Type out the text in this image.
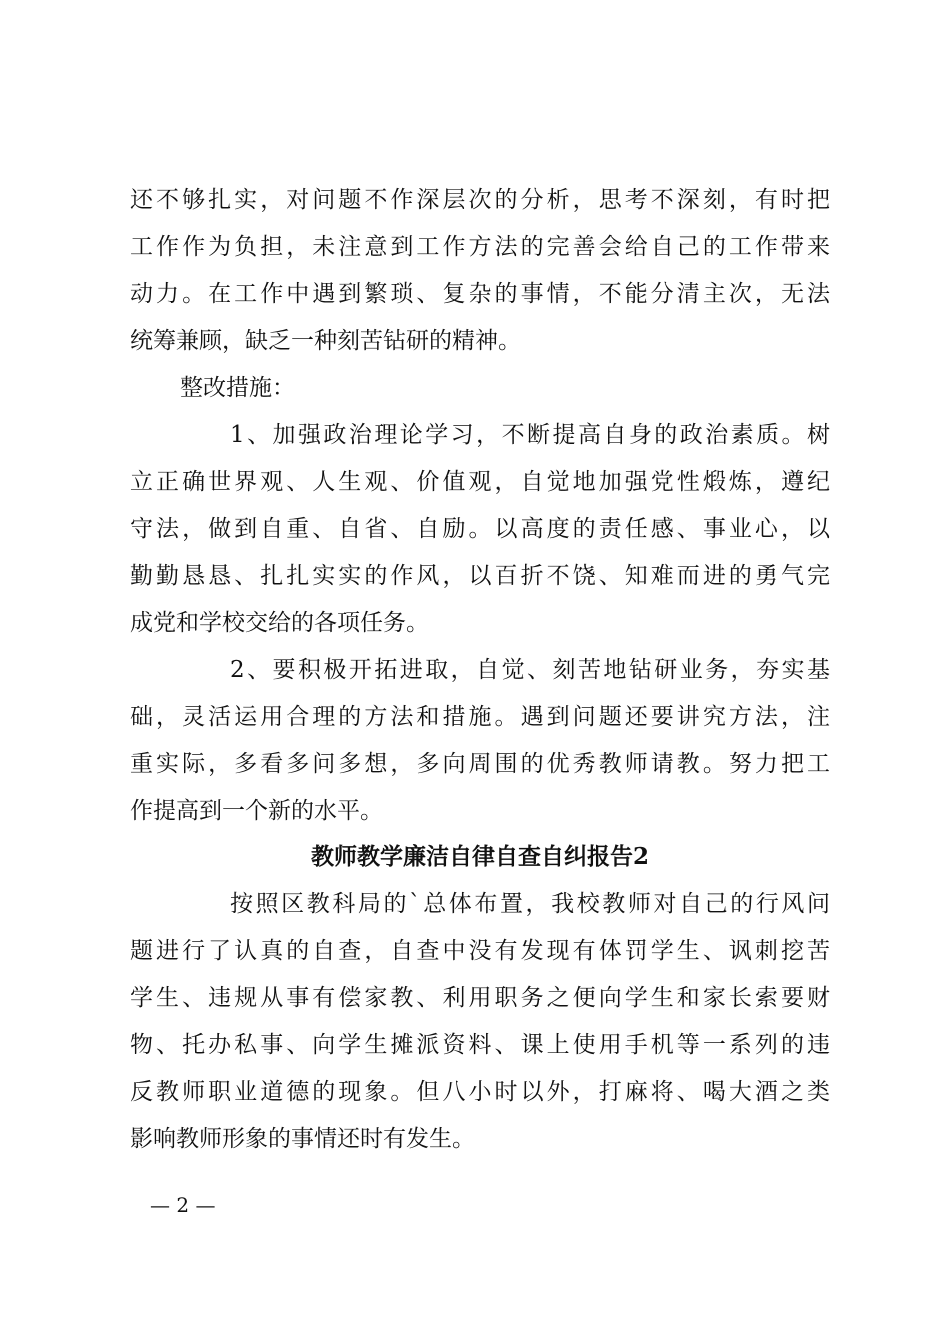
还不够扎实，对问题不作深层次的分析，思考不深刻，有时把
工作作为负担，未注意到工作方法的完善会给自己的工作带来
动力。在工作中遇到繁琐、复杂的事情，不能分清主次，无法
统筹兼顾，缺乏一种刻苦钻研的精神。
整改措施：
1、加强政治理论学习，不断提高自身的政治素质。树
立正确世界观、人生观、价值观，自觉地加强党性煅炼，遵纪
守法，做到自重、自省、自励。以高度的责任感、事业心，以
勤勤恳恳、扎扎实实的作风，以百折不饶、知难而进的勇气完
成党和学校交给的各项任务。
2、要积极开拓进取，自觉、刻苦地钻研业务，夯实基
础，灵活运用合理的方法和措施。遇到问题还要讲究方法，注
重实际，多看多问多想，多向周围的优秀教师请教。努力把工
作提高到一个新的水平。
教师教学廉洁自律自查自纠报告2
按照区教科局的`总体布置，我校教师对自己的行风问
题进行了认真的自查，自查中没有发现有体罚学生、讽刺挖苦
学生、违规从事有偿家教、利用职务之便向学生和家长索要财
物、托办私事、向学生摊派资料、课上使用手机等一系列的违
反教师职业道德的现象。但八小时以外，打麻将、喝大酒之类
影响教师形象的事情还时有发生。
— 2 —
